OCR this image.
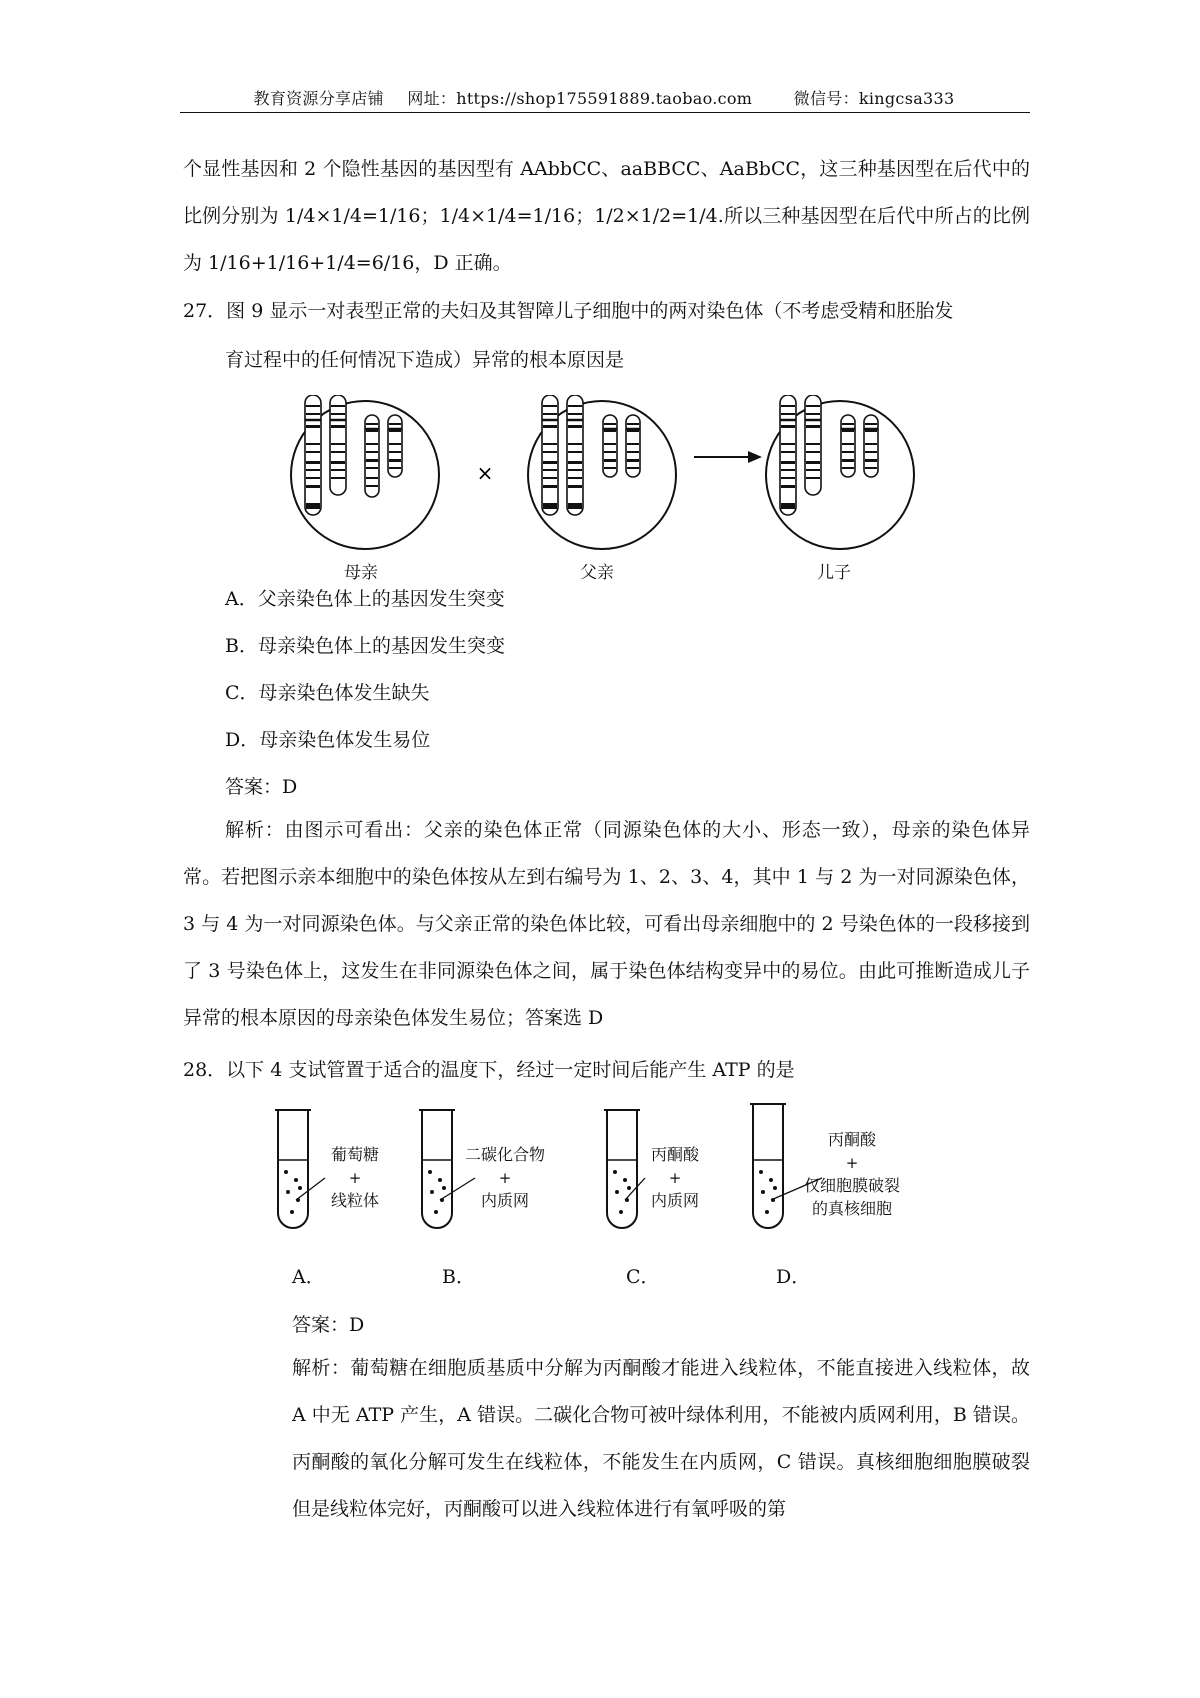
教育资源分享店铺 网址：https://shop175591889.taobao.com	微信号：kingcsa333

个显性基因和 2 个隐性基因的基因型有 AAbbCC、aaBBCC、AaBbCC，这三种基因型在后代中的比例分别为 1/4×1/4=1/16；1/4×1/4=1/16；1/2×1/2=1/4.所以三种基因型在后代中所占的比例为 1/16+1/16+1/4=6/16，D 正确。

27．图 9 显示一对表型正常的夫妇及其智障儿子细胞中的两对染色体（不考虑受精和胚胎发
育过程中的任何情况下造成）异常的根本原因是
×
母亲	父亲	儿子
A．父亲染色体上的基因发生突变
B．母亲染色体上的基因发生突变
C．母亲染色体发生缺失
D．母亲染色体发生易位
答案：D

解析：由图示可看出：父亲的染色体正常（同源染色体的大小、形态一致），母亲的染色体异常。若把图示亲本细胞中的染色体按从左到右编号为 1、2、3、4，其中 1 与 2 为一对同源染色体，3 与 4 为一对同源染色体。与父亲正常的染色体比较，可看出母亲细胞中的 2 号染色体的一段移接到了 3 号染色体上，这发生在非同源染色体之间，属于染色体结构变异中的易位。由此可推断造成儿子异常的根本原因的母亲染色体发生易位；答案选 D

28．以下 4 支试管置于适合的温度下，经过一定时间后能产生 ATP 的是
葡萄糖
+
线粒体
二碳化合物
+
内质网
丙酮酸
+
内质网
丙酮酸
+
仅细胞膜破裂
的真核细胞
A．	B．	C．	D．
答案：D

解析：葡萄糖在细胞质基质中分解为丙酮酸才能进入线粒体，不能直接进入线粒体，故 A 中无 ATP 产生，A 错误。二碳化合物可被叶绿体利用，不能被内质网利用，B 错误。丙酮酸的氧化分解可发生在线粒体，不能发生在内质网，C 错误。真核细胞细胞膜破裂但是线粒体完好，丙酮酸可以进入线粒体进行有氧呼吸的第
